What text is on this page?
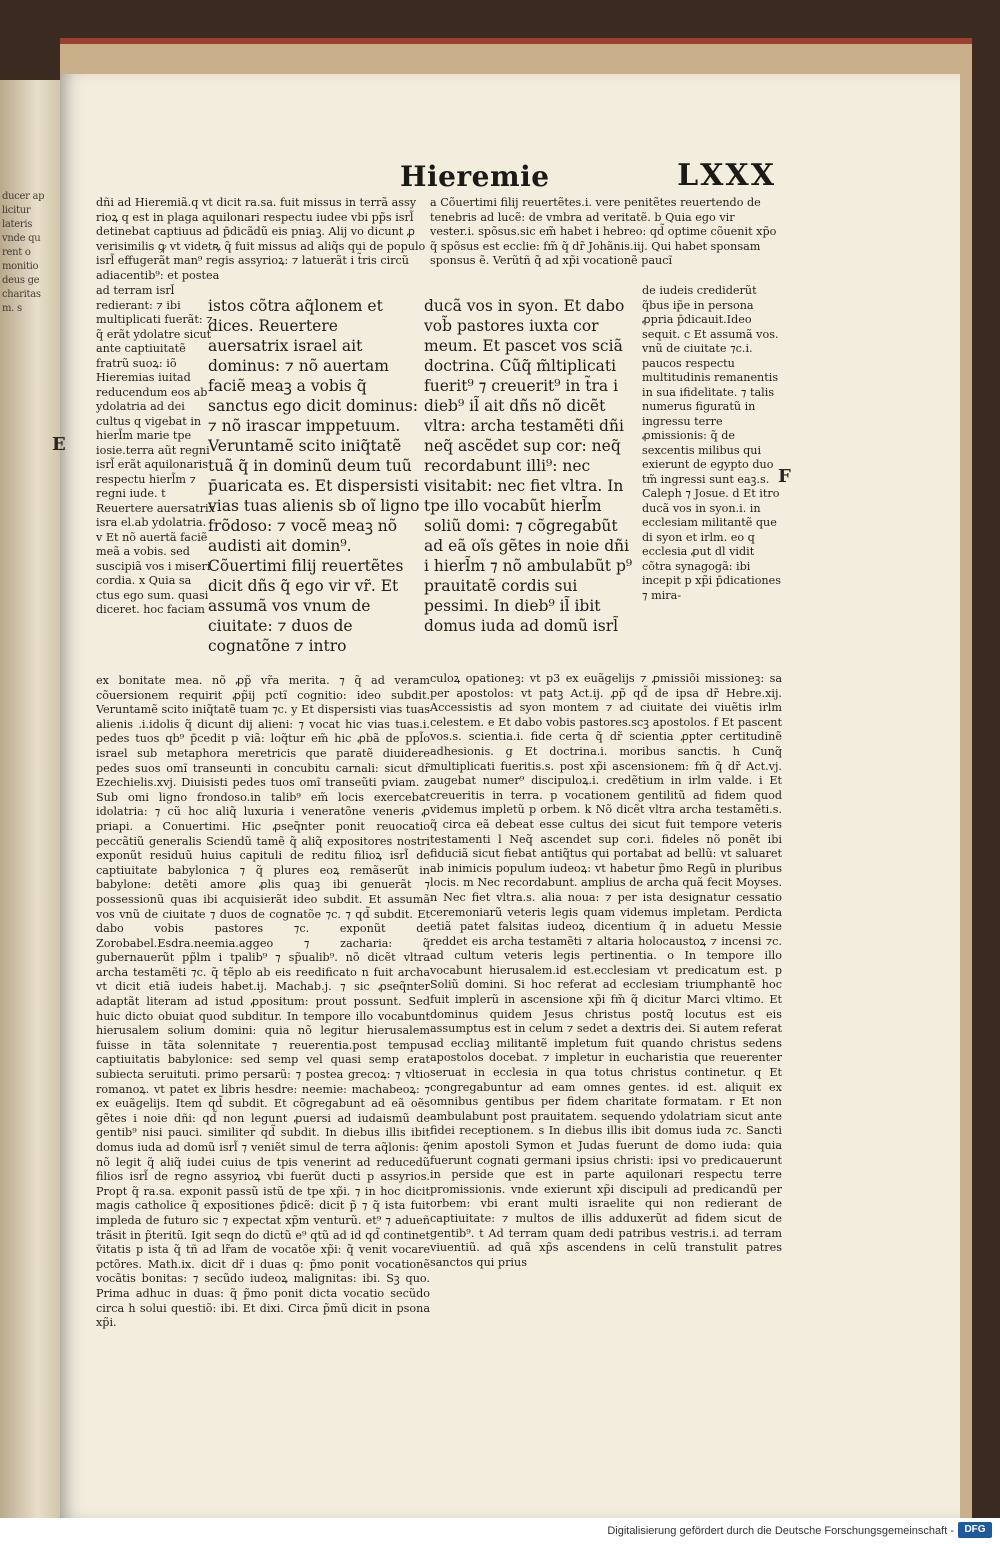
ducer ap
licitur
lateris
vnde qu
rent o
monitio
deus ge
charitas
m. s
Hieremie	LXXX

dñi ad Hieremiã.q vt dicit ra.sa. fuit missus in terrã assy rioꝝ q est in plaga aquilonari respectu iudee vbi pp̃s isrl̃ detinebat captiuus ad p̄dicãdũ eis pniaꝫ. Alij vo dicunt ꝓ verisimilis ꝙ vt videtꝶ q̃ fuit missus ad aliq̃s qui de populo isrl̃ effugerãt man⁹ regis assyrioꝝ: ⁊ latuerãt i t̃ris circũ adiacentib⁹: et postea

ad terram isrl̃ redierant: ⁊ ibi multiplicati fuerãt: ⁊ q̃ erãt ydolatre sicut ante captiuitatẽ fratrũ suoꝝ: iõ Hieremias iuitad reducendum eos ab ydolatria ad dei cultus q vigebat in hierl̃m marie tpe iosie.terra aũt regni isrl̃ erãt aquilonaris respectu hierl̃m ⁊ regni iude. t Reuertere auersatrix isra el.ab ydolatria. v Et nõ auertã faciẽ meã a vobis. sed suscipiã vos i miseri cordia. x Quia sa ctus ego sum. quasi diceret. hoc faciam

istos cõtra aq̃lonem et dices. Reuertere auersatrix israel ait dominus: ⁊ nõ auertam faciẽ meaꝫ a vobis q̃ sanctus ego dicit dominus: ⁊ nõ irascar imppetuum. Veruntamẽ scito iniq̃tatẽ tuã q̃ in dominũ deum tuũ p̄uaricata es. Et dispersisti vias tuas alienis sb oĩ ligno frõdoso: ⁊ vocẽ meaꝫ nõ audisti ait domin⁹. Cõuertimi filij reuertẽtes dicit dñs q̃ ego vir vr̃. Et assumã vos vnum de ciuitate: ⁊ duos de cognatõne ⁊ intro

ducã vos in syon. Et dabo vob̃ pastores iuxta cor meum. Et pascet vos sciã doctrina. Cũq̃ m̃ltiplicati fuerit⁹ ⁊ creuerit⁹ in t̃ra i dieb⁹ il̃ ait dñs nõ dicẽt vltra: archa testamẽti dñi neq̃ ascẽdet sup cor: neq̃ recordabunt illi⁹: nec visitabit: nec fiet vltra. In tpe illo vocabũt hierl̃m soliũ domi: ⁊ cõgregabũt ad eã oĩs gẽtes in noie dñi i hierl̃m ⁊ nõ ambulabũt p⁹ prauitatẽ cordis sui pessimi. In dieb⁹ il̃ ibit domus iuda ad domũ isrl̃

a Cõuertimi filij reuertẽtes.i. vere penitẽtes reuertendo de tenebris ad lucẽ: de vmbra ad veritatẽ. b Quia ego vir vester.i. spõsus.sic em̃ habet i hebreo: qd̃ optime cõuenit xp̃o q̃ spõsus est ecclie: fm̃ q̃ dr̃ Johãnis.iij. Qui habet sponsam sponsus ẽ. Verũtñ q̃ ad xp̃i vocationẽ paucĩ

de iudeis crediderũt q̃bus ip̃e in persona ꝓpria p̄dicauit.Ideo sequit. c Et assumã vos. vnũ de ciuitate ⁊c.i. paucos respectu multitudinis remanentis in sua ifidelitate. ⁊ talis numerus figuratũ in ingressu terre ꝓmissionis: q̃ de sexcentis milibus qui exierunt de egypto duo tm̃ ingressi sunt eaꝫ.s. Caleph ⁊ Josue. d Et itro ducã vos in syon.i. in ecclesiam militantẽ que di syon et irlm. eo q ecclesia ꝓut dl vidit cõtra synagogã: ibi incepit p xp̃i p̄dicationes ⁊ mira-

ex bonitate mea. nõ ꝓp̃ vr̃a merita. ⁊ q̃ ad veram cõuersionem requirit ꝓp̃ij pctĩ cognitio: ideo subdit. Veruntamẽ scito iniq̃tatẽ tuam ⁊c. y Et dispersisti vias tuas alienis .i.idolis q̃ dicunt dij alieni: ⁊ vocat hic vias tuas.i. pedes tuos qb⁹ p̄cedit p viã: loq̃tur em̃ hic ꝓbã de ppl̃o israel sub metaphora meretricis que paratẽ diuidere pedes suos omĩ transeunti in concubitu carnali: sicut dr̃ Ezechielis.xvj. Diuisisti pedes tuos omĩ transeũti pviam. z Sub omi ligno frondoso.in talib⁹ em̃ locis exercebat idolatria: ⁊ cũ hoc aliq̃ luxuria i veneratõne veneris ꝓ priapi. a Conuertimi. Hic ꝓseq̃nter ponit reuocatio peccãtiũ generalis Sciendũ tamẽ q̃ aliq̃ expositores nostri exponũt residuũ huius capituli de reditu filioꝝ isrl̃ de captiuitate babylonica ⁊ q̃ plures eoꝝ remãserũt in babylone: detẽti amore ꝓlis quaꝫ ibi genuerãt ⁊ possessionũ quas ibi acquisierãt ideo subdit. Et assumã vos vnũ de ciuitate ⁊ duos de cognatõe ⁊c. ⁊ qd̃ subdit. Et dabo vobis pastores ⁊c. exponũt de Zorobabel.Esdra.neemia.aggeo ⁊ zacharia: q̃ gubernauerũt pp̃lm i tpalib⁹ ⁊ sp̃ualib⁹. nõ dicẽt vltra archa testamẽti ⁊c. q̃ tẽplo ab eis reedificato n fuit archa vt dicit etiã iudeis habet.ij. Machab.j. ⁊ sic ꝓseq̃nter adaptãt literam ad istud ꝓpositum: prout possunt. Sed huic dicto obuiat quod subditur. In tempore illo vocabunt hierusalem solium domini: quia nõ legitur hierusalem fuisse in tãta solennitate ⁊ reuerentia.post tempus captiuitatis babylonice: sed semp vel quasi semp erat subiecta seruituti. primo persarũ: ⁊ postea grecoꝝ: ⁊ vltio romanoꝝ. vt patet ex libris hesdre: neemie: machabeoꝝ: ⁊ ex euãgelijs. Item qd̃ subdit. Et cõgregabunt ad eã oẽs gẽtes i noie dñi: qd̃ non legunt ꝓuersi ad iudaismũ de gentib⁹ nisi pauci. similiter qd̃ subdit. In diebus illis ibit domus iuda ad domũ isrl̃ ⁊ veniẽt simul de terra aq̃lonis: q̃ nõ legit q̃ aliq̃ iudei cuius de tpis venerint ad reducedũ filios isrl̃ de regno assyrioꝝ vbi fuerũt ducti p assyrios. Propt q̃ ra.sa. exponit passũ istũ de tpe xp̃i. ⁊ in hoc dicit magis catholice q̃ expositiones p̄dicẽ: dicit p̃ ⁊ q̃ ista fuit impleda de futuro sic ⁊ expectat xp̃m venturũ. et⁹ ⁊ adueñ trãsit in p̃teritũ. Igit seqn do dictũ e⁹ qtũ ad id qd̃ continet v̄itatis p ista q̃ tñ ad lr̃am de vocatõe xp̃i: q̃ venit vocare pctõres. Math.ix. dicit dr̃ i duas q: p̃mo ponit vocationẽ vocãtis bonitas: ⁊ secũdo iudeoꝝ malignitas: ibi. Sꝫ quo. Prima adhuc in duas: q̃ p̃mo ponit dicta vocatio secũdo circa h solui questiõ: ibi. Et dixi. Circa p̃mũ dicit in psona xp̃i.

culoꝝ opationeꝫ: vt p3 ex euãgelijs ⁊ ꝓmissiõi missioneꝫ: sa per apostolos: vt patꝫ Act.ij. ꝓp̃ qd̃ de ipsa dr̃ Hebre.xij. Accessistis ad syon montem ⁊ ad ciuitate dei viuẽtis irlm celestem. e Et dabo vobis pastores.scꝫ apostolos. f Et pascent vos.s. scientia.i. fide certa q̃ dr̃ scientia ꝓpter certitudinẽ adhesionis. g Et doctrina.i. moribus sanctis. h Cunq̃ multiplicati fueritis.s. post xp̃i ascensionem: fm̃ q̃ dr̃ Act.vj. augebat numer⁹ discipuloꝝ.i. credẽtium in irlm valde. i Et creueritis in terra. p vocationem gentilitũ ad fidem quod videmus impletũ p orbem. k Nõ dicẽt vltra archa testamẽti.s. q̃ circa eã debeat esse cultus dei sicut fuit tempore veteris testamenti l Neq̃ ascendet sup cor.i. fideles nõ ponẽt ibi fiduciã sicut fiebat antiq̃tus qui portabat ad bellũ: vt saluaret ab inimicis populum iudeoꝝ: vt habetur p̃mo Regũ in pluribus locis. m Nec recordabunt. amplius de archa quã fecit Moyses. n Nec fiet vltra.s. alia noua: ⁊ per ista designatur cessatio ceremoniarũ veteris legis quam videmus impletam. Perdicta etiã patet falsitas iudeoꝝ dicentium q̃ in aduetu Messie reddet eis archa testamẽti ⁊ altaria holocaustoꝝ ⁊ incensi ⁊c. ad cultum veteris legis pertinentia. o In tempore illo vocabunt hierusalem.id est.ecclesiam vt predicatum est. p Soliũ domini. Si hoc referat ad ecclesiam triumphantẽ hoc fuit implerũ in ascensione xp̃i fm̃ q̃ dicitur Marci vltimo. Et dominus quidem Jesus christus postq̃ locutus est eis assumptus est in celum ⁊ sedet a dextris dei. Si autem referat ad eccliaꝫ militantẽ impletum fuit quando christus sedens apostolos docebat. ⁊ impletur in eucharistia que reuerenter seruat in ecclesia in qua totus christus continetur. q Et congregabuntur ad eam omnes gentes. id est. aliquit ex omnibus gentibus per fidem charitate formatam. r Et non ambulabunt post prauitatem. sequendo ydolatriam sicut ante fidei receptionem. s In diebus illis ibit domus iuda ⁊c. Sancti enim apostoli Symon et Judas fuerunt de domo iuda: quia fuerunt cognati germani ipsius christi: ipsi vo predicauerunt in perside que est in parte aquilonari respectu terre promissionis. vnde exierunt xp̃i discipuli ad predicandũ per orbem: vbi erant multi israelite qui non redierant de captiuitate: ⁊ multos de illis adduxerũt ad fidem sicut de gentib⁹. t Ad terram quam dedi patribus vestris.i. ad terram viuentiũ. ad quã xp̃s ascendens in celũ transtulit patres sanctos qui prius

E
F
Digitalisierung gefördert durch die Deutsche Forschungsgemeinschaft -	DFG
